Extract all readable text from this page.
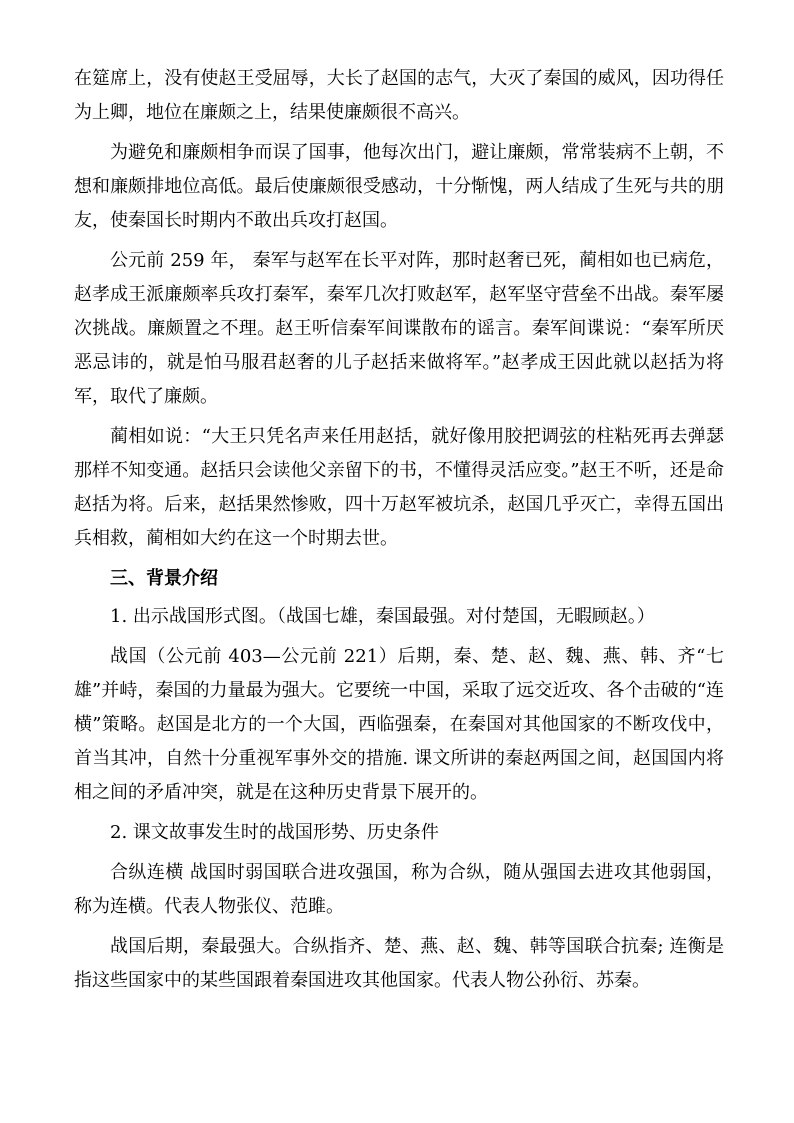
在筵席上，没有使赵王受屈辱，大长了赵国的志气，大灭了秦国的威风，因功得任为上卿，地位在廉颇之上，结果使廉颇很不高兴。

为避免和廉颇相争而误了国事，他每次出门，避让廉颇，常常装病不上朝，不想和廉颇排地位高低。最后使廉颇很受感动，十分惭愧，两人结成了生死与共的朋友，使秦国长时期内不敢出兵攻打赵国。

公元前 259 年， 秦军与赵军在长平对阵，那时赵奢已死，蔺相如也已病危，赵孝成王派廉颇率兵攻打秦军，秦军几次打败赵军，赵军坚守营垒不出战。秦军屡次挑战。廉颇置之不理。赵王听信秦军间谍散布的谣言。秦军间谍说：“秦军所厌恶忌讳的，就是怕马服君赵奢的儿子赵括来做将军。”赵孝成王因此就以赵括为将军，取代了廉颇。

蔺相如说：“大王只凭名声来任用赵括，就好像用胶把调弦的柱粘死再去弹瑟那样不知变通。赵括只会读他父亲留下的书，不懂得灵活应变。”赵王不听，还是命赵括为将。后来，赵括果然惨败，四十万赵军被坑杀，赵国几乎灭亡，幸得五国出兵相救，蔺相如大约在这一个时期去世。

三、背景介绍

1. 出示战国形式图。（战国七雄，秦国最强。对付楚国，无暇顾赵。）

战国（公元前 403—公元前 221）后期，秦、楚、赵、魏、燕、韩、齐“七雄”并峙，秦国的力量最为强大。它要统一中国，采取了远交近攻、各个击破的“连横”策略。赵国是北方的一个大国，西临强秦，在秦国对其他国家的不断攻伐中，首当其冲，自然十分重视军事外交的措施. 课文所讲的秦赵两国之间，赵国国内将相之间的矛盾冲突，就是在这种历史背景下展开的。

2. 课文故事发生时的战国形势、历史条件

合纵连横 战国时弱国联合进攻强国，称为合纵，随从强国去进攻其他弱国，称为连横。代表人物张仪、范雎。

战国后期，秦最强大。合纵指齐、楚、燕、赵、魏、韩等国联合抗秦; 连衡是指这些国家中的某些国跟着秦国进攻其他国家。代表人物公孙衍、苏秦。
